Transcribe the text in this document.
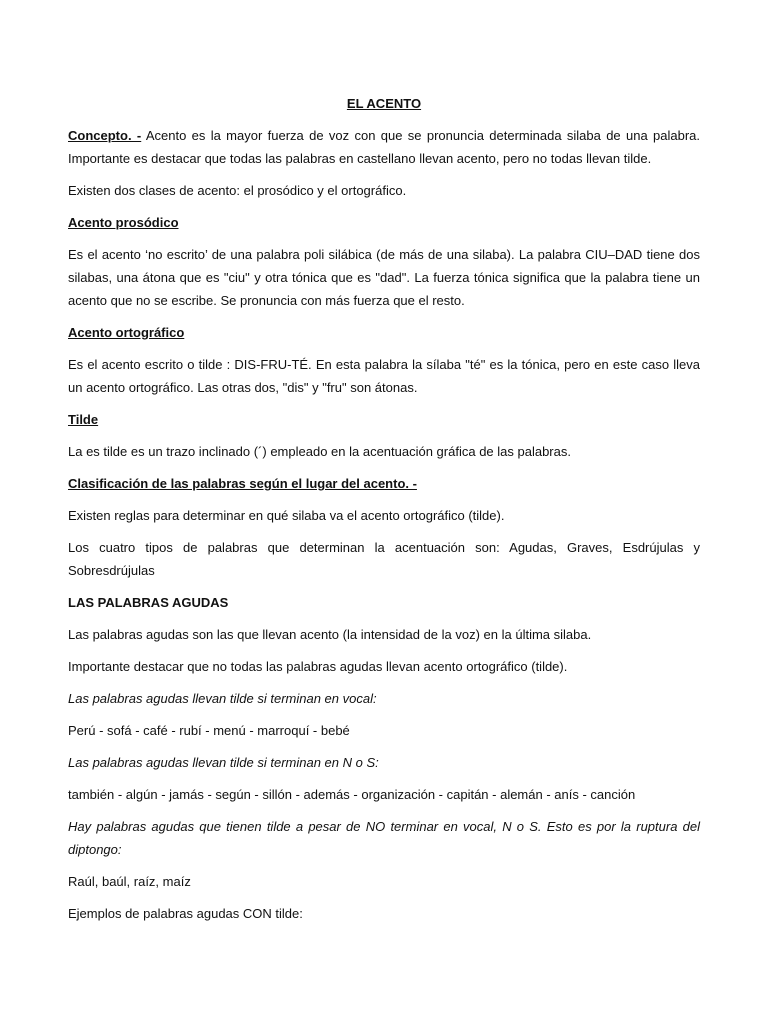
EL ACENTO

Concepto. - Acento es la mayor fuerza de voz con que se pronuncia determinada silaba de una palabra. Importante es destacar que todas las palabras en castellano llevan acento, pero no todas llevan tilde.

Existen dos clases de acento: el prosódico y el ortográfico.

Acento prosódico

Es el acento ‘no escrito’ de una palabra poli silábica (de más de una silaba). La palabra CIU–DAD tiene dos silabas, una átona que es "ciu" y otra tónica que es "dad". La fuerza tónica significa que la palabra tiene un acento que no se escribe. Se pronuncia con más fuerza que el resto.

Acento ortográfico

Es el acento escrito o tilde : DIS-FRU-TÉ. En esta palabra la sílaba "té" es la tónica, pero en este caso lleva un acento ortográfico. Las otras dos, "dis" y "fru" son átonas.

Tilde

La es tilde es un trazo inclinado (´) empleado en la acentuación gráfica de las palabras.

Clasificación de las palabras según el lugar del acento. -

Existen reglas para determinar en qué silaba va el acento ortográfico (tilde).

Los cuatro tipos de palabras que determinan la acentuación son: Agudas, Graves, Esdrújulas y Sobresdrújulas

LAS PALABRAS AGUDAS

Las palabras agudas son las que llevan acento (la intensidad de la voz) en la última silaba.

Importante destacar que no todas las palabras agudas llevan acento ortográfico (tilde).

Las palabras agudas llevan tilde si terminan en vocal:

Perú - sofá - café - rubí - menú - marroquí - bebé

Las palabras agudas llevan tilde si terminan en N o S:

también - algún - jamás - según - sillón - además - organización - capitán - alemán - anís - canción

Hay palabras agudas que tienen tilde a pesar de NO terminar en vocal, N o S. Esto es por la ruptura del diptongo:

Raúl, baúl, raíz, maíz

Ejemplos de palabras agudas CON tilde:
